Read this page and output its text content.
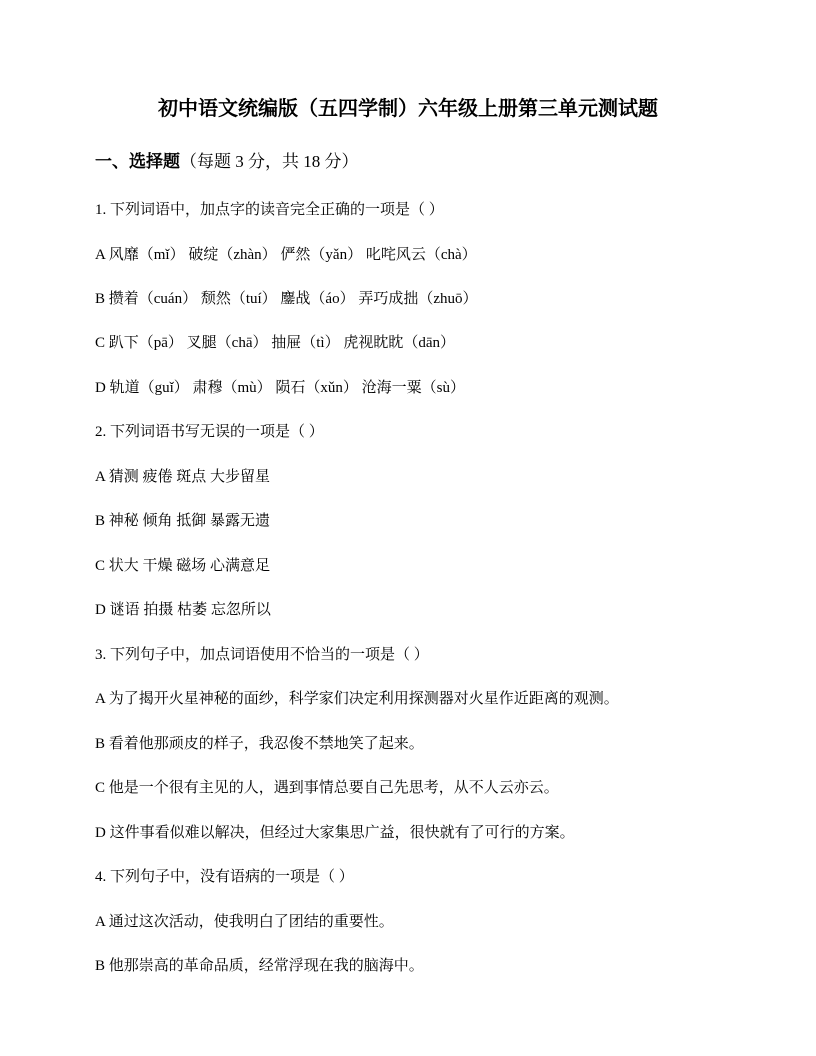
初中语文统编版（五四学制）六年级上册第三单元测试题
一、选择题（每题 3 分，共 18 分）
1. 下列词语中，加点字的读音完全正确的一项是（ ）
A 风靡（mǐ） 破绽（zhàn） 俨然（yǎn） 叱咤风云（chà）
B 攒着（cuán） 颓然（tuí） 鏖战（áo） 弄巧成拙（zhuō）
C 趴下（pā） 叉腿（chā） 抽屉（tì） 虎视眈眈（dān）
D 轨道（guǐ） 肃穆（mù） 陨石（xǔn） 沧海一粟（sù）
2. 下列词语书写无误的一项是（ ）
A 猜测 疲倦 斑点 大步留星
B 神秘 倾角 抵御 暴露无遗
C 状大 干燥 磁场 心满意足
D 谜语 拍摄 枯萎 忘忽所以
3. 下列句子中，加点词语使用不恰当的一项是（ ）
A 为了揭开火星神秘的面纱，科学家们决定利用探测器对火星作近距离的观测。
B 看着他那顽皮的样子，我忍俊不禁地笑了起来。
C 他是一个很有主见的人，遇到事情总要自己先思考，从不人云亦云。
D 这件事看似难以解决，但经过大家集思广益，很快就有了可行的方案。
4. 下列句子中，没有语病的一项是（ ）
A 通过这次活动，使我明白了团结的重要性。
B 他那崇高的革命品质，经常浮现在我的脑海中。
